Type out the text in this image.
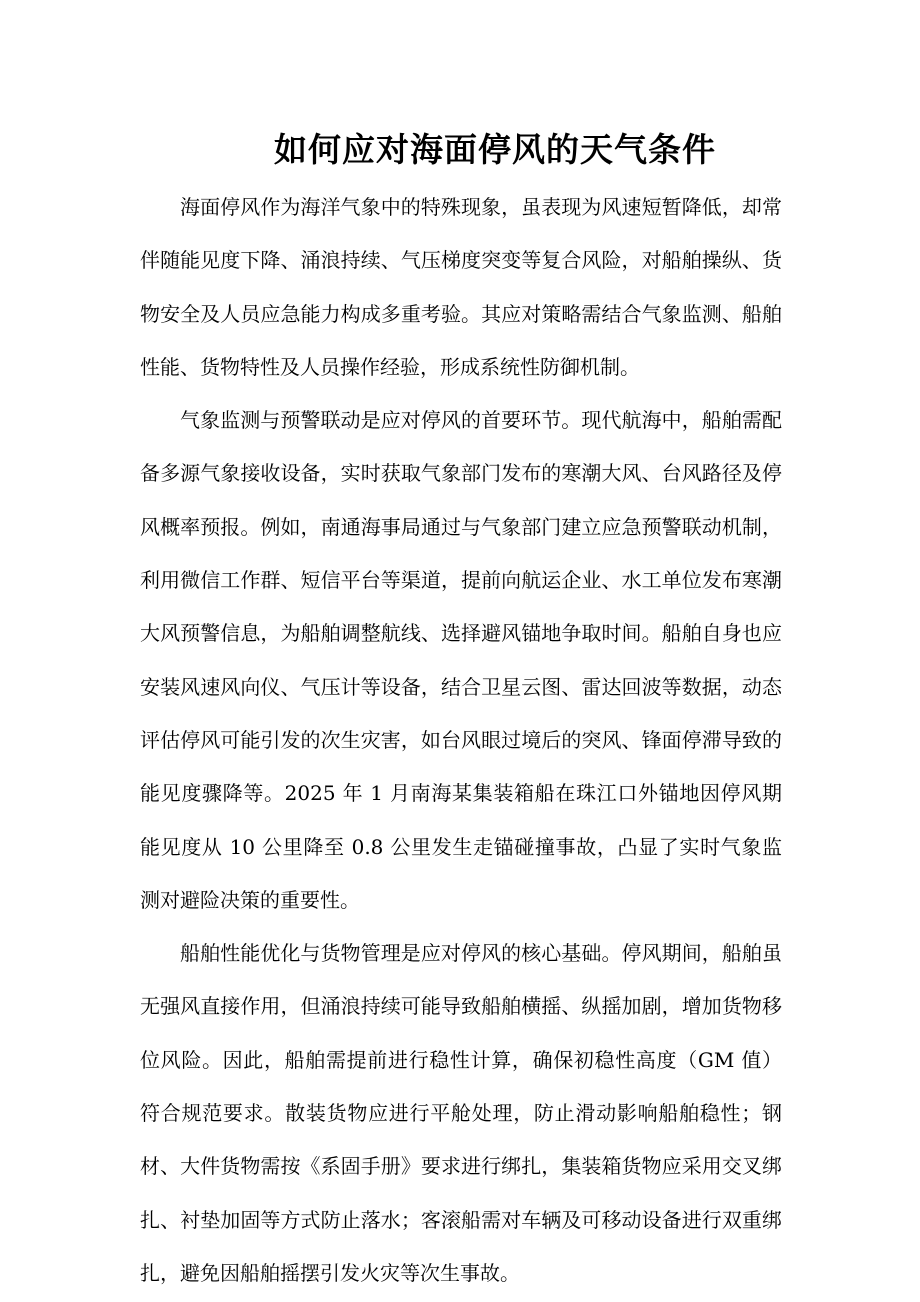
如何应对海面停风的天气条件

海面停风作为海洋气象中的特殊现象，虽表现为风速短暂降低，却常伴随能见度下降、涌浪持续、气压梯度突变等复合风险，对船舶操纵、货物安全及人员应急能力构成多重考验。其应对策略需结合气象监测、船舶性能、货物特性及人员操作经验，形成系统性防御机制。

气象监测与预警联动是应对停风的首要环节。现代航海中，船舶需配备多源气象接收设备，实时获取气象部门发布的寒潮大风、台风路径及停风概率预报。例如，南通海事局通过与气象部门建立应急预警联动机制，利用微信工作群、短信平台等渠道，提前向航运企业、水工单位发布寒潮大风预警信息，为船舶调整航线、选择避风锚地争取时间。船舶自身也应安装风速风向仪、气压计等设备，结合卫星云图、雷达回波等数据，动态评估停风可能引发的次生灾害，如台风眼过境后的突风、锋面停滞导致的能见度骤降等。2025 年 1 月南海某集装箱船在珠江口外锚地因停风期能见度从 10 公里降至 0.8 公里发生走锚碰撞事故，凸显了实时气象监测对避险决策的重要性。

船舶性能优化与货物管理是应对停风的核心基础。停风期间，船舶虽无强风直接作用，但涌浪持续可能导致船舶横摇、纵摇加剧，增加货物移位风险。因此，船舶需提前进行稳性计算，确保初稳性高度（GM 值）符合规范要求。散装货物应进行平舱处理，防止滑动影响船舶稳性；钢材、大件货物需按《系固手册》要求进行绑扎，集装箱货物应采用交叉绑扎、衬垫加固等方式防止落水；客滚船需对车辆及可移动设备进行双重绑扎，避免因船舶摇摆引发火灾等次生事故。
